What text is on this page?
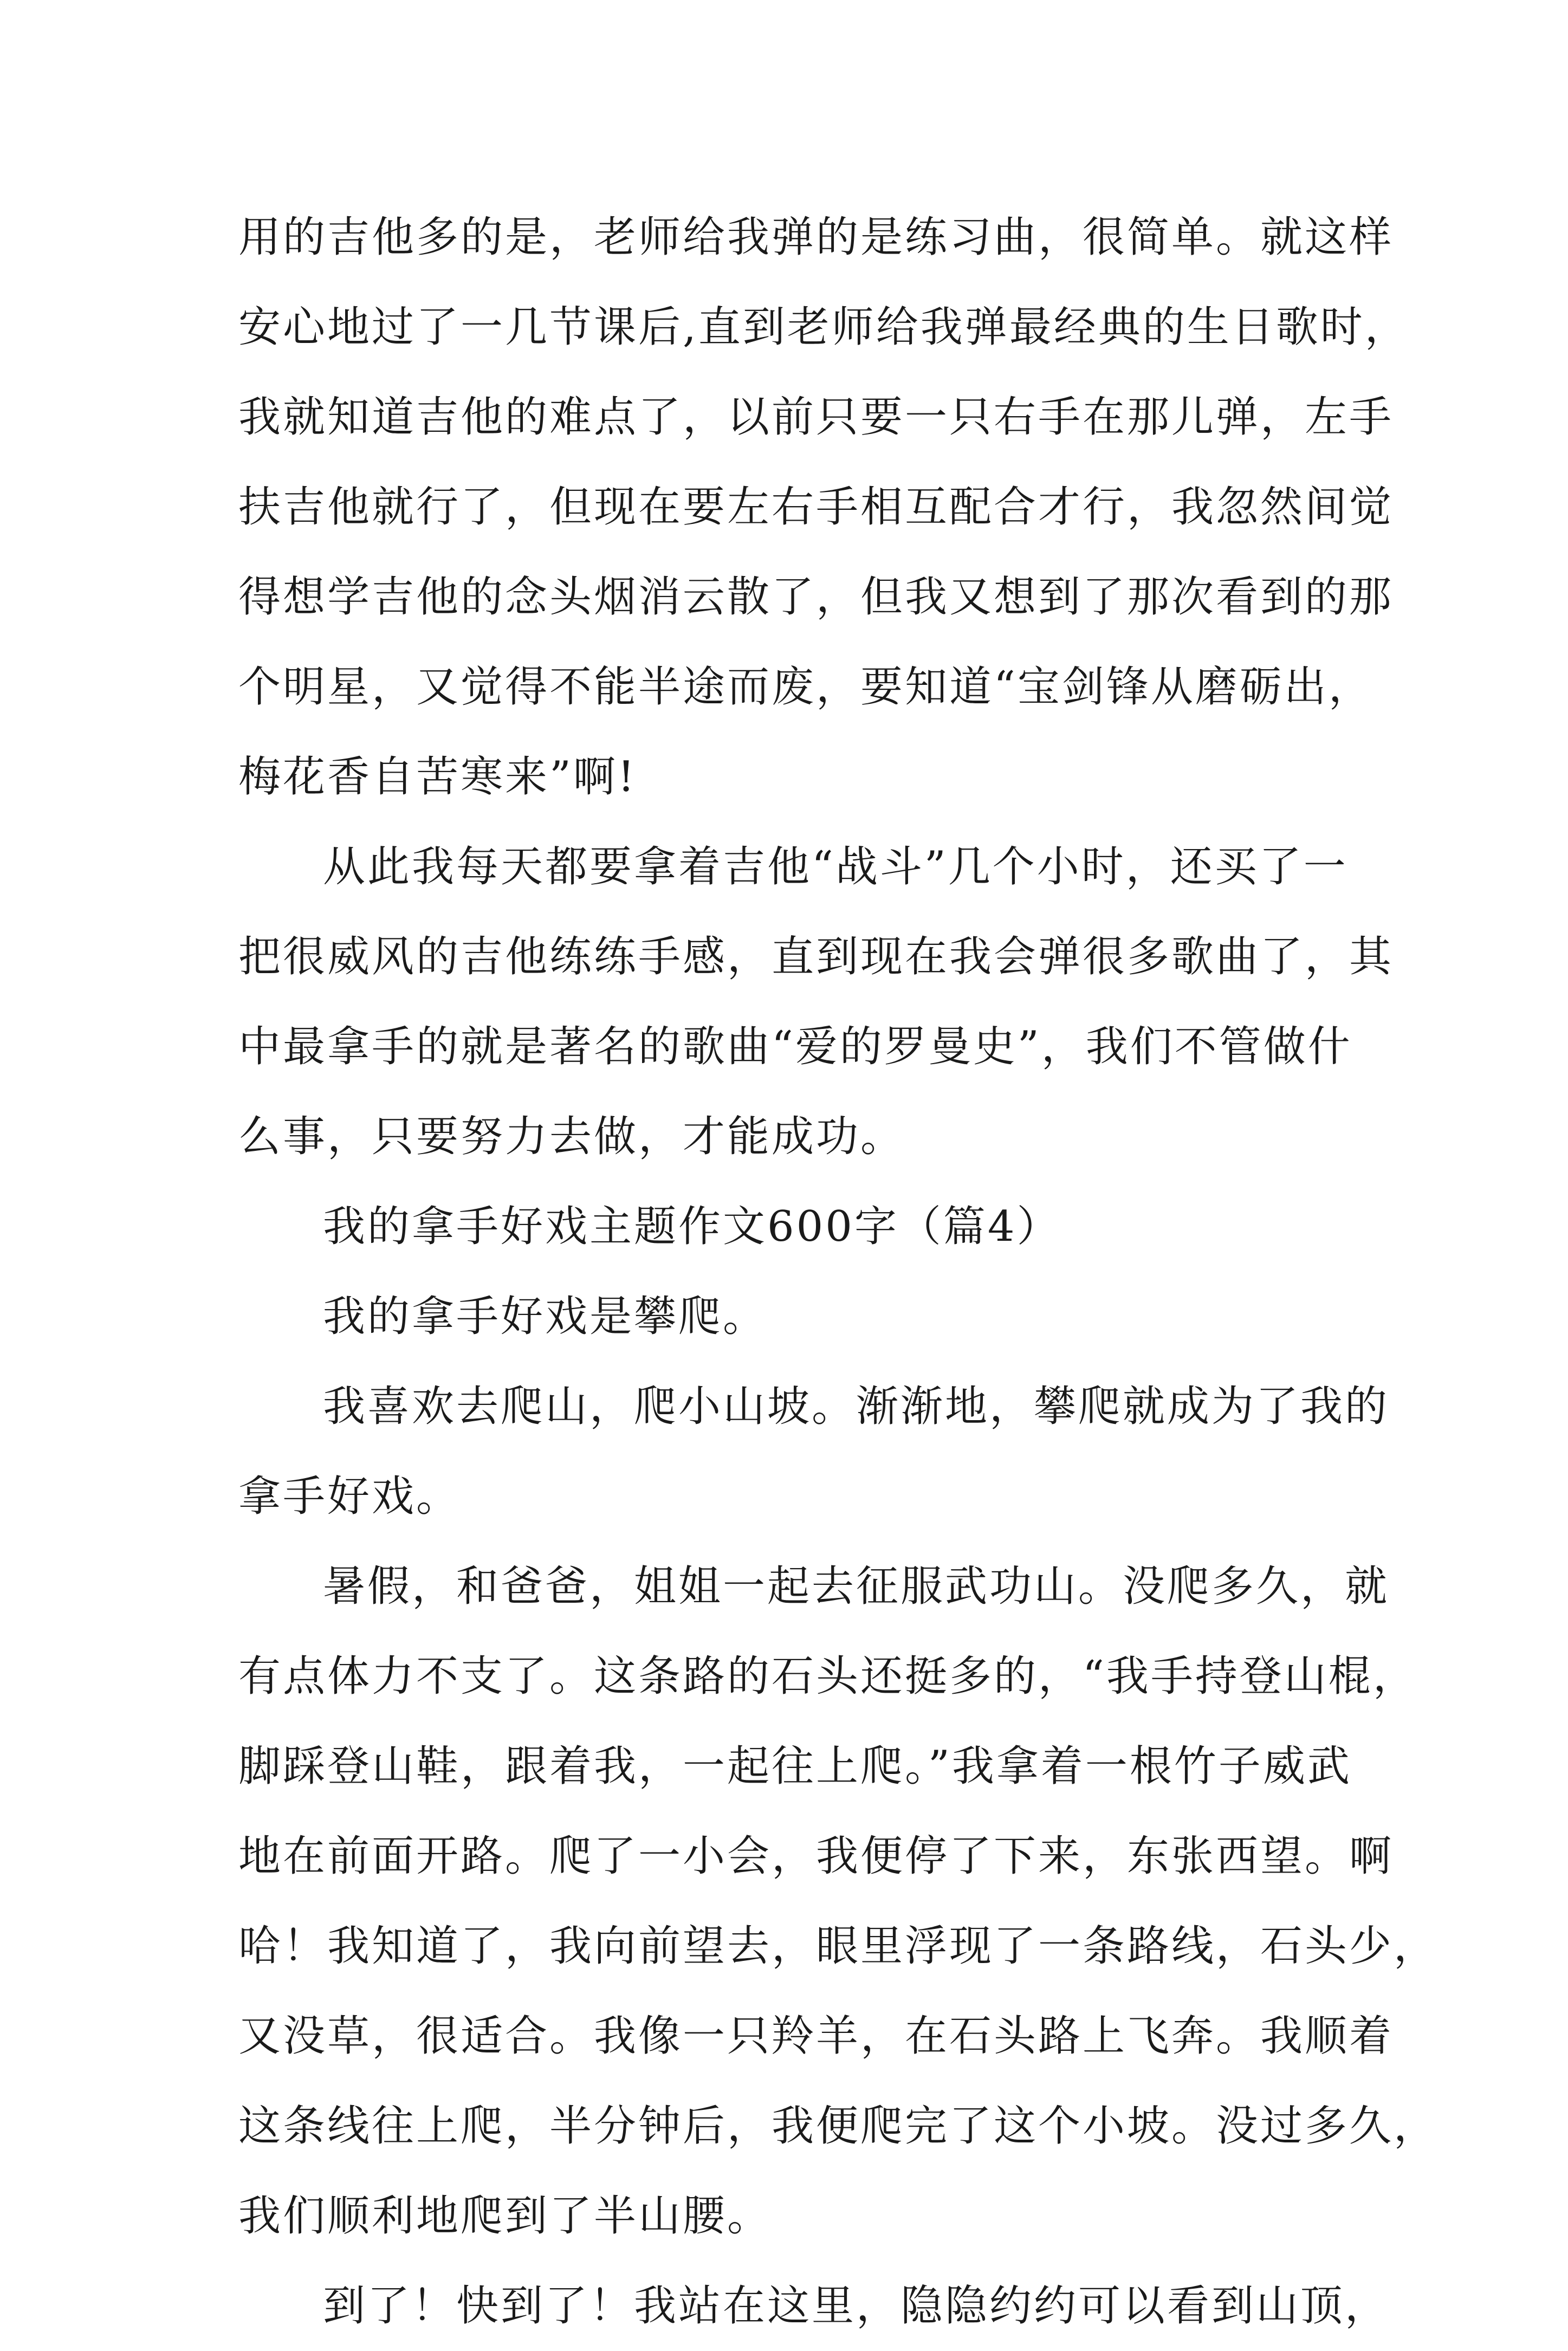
用的吉他多的是，老师给我弹的是练习曲，很简单。就这样
安心地过了一几节课后,直到老师给我弹最经典的生日歌时，
我就知道吉他的难点了，以前只要一只右手在那儿弹，左手
扶吉他就行了，但现在要左右手相互配合才行，我忽然间觉
得想学吉他的念头烟消云散了，但我又想到了那次看到的那
个明星，又觉得不能半途而废，要知道“宝剑锋从磨砺出，
梅花香自苦寒来”啊!
从此我每天都要拿着吉他“战斗”几个小时，还买了一
把很威风的吉他练练手感，直到现在我会弹很多歌曲了，其
中最拿手的就是著名的歌曲“爱的罗曼史”，我们不管做什
么事，只要努力去做，才能成功。
我的拿手好戏主题作文600字（篇4）
我的拿手好戏是攀爬。
我喜欢去爬山，爬小山坡。渐渐地，攀爬就成为了我的
拿手好戏。
暑假，和爸爸，姐姐一起去征服武功山。没爬多久，就
有点体力不支了。这条路的石头还挺多的，“我手持登山棍，
脚踩登山鞋，跟着我，一起往上爬。”我拿着一根竹子威武
地在前面开路。爬了一小会，我便停了下来，东张西望。啊
哈！我知道了，我向前望去，眼里浮现了一条路线，石头少，
又没草，很适合。我像一只羚羊，在石头路上飞奔。我顺着
这条线往上爬，半分钟后，我便爬完了这个小坡。没过多久，
我们顺利地爬到了半山腰。
到了！快到了！我站在这里，隐隐约约可以看到山顶，
